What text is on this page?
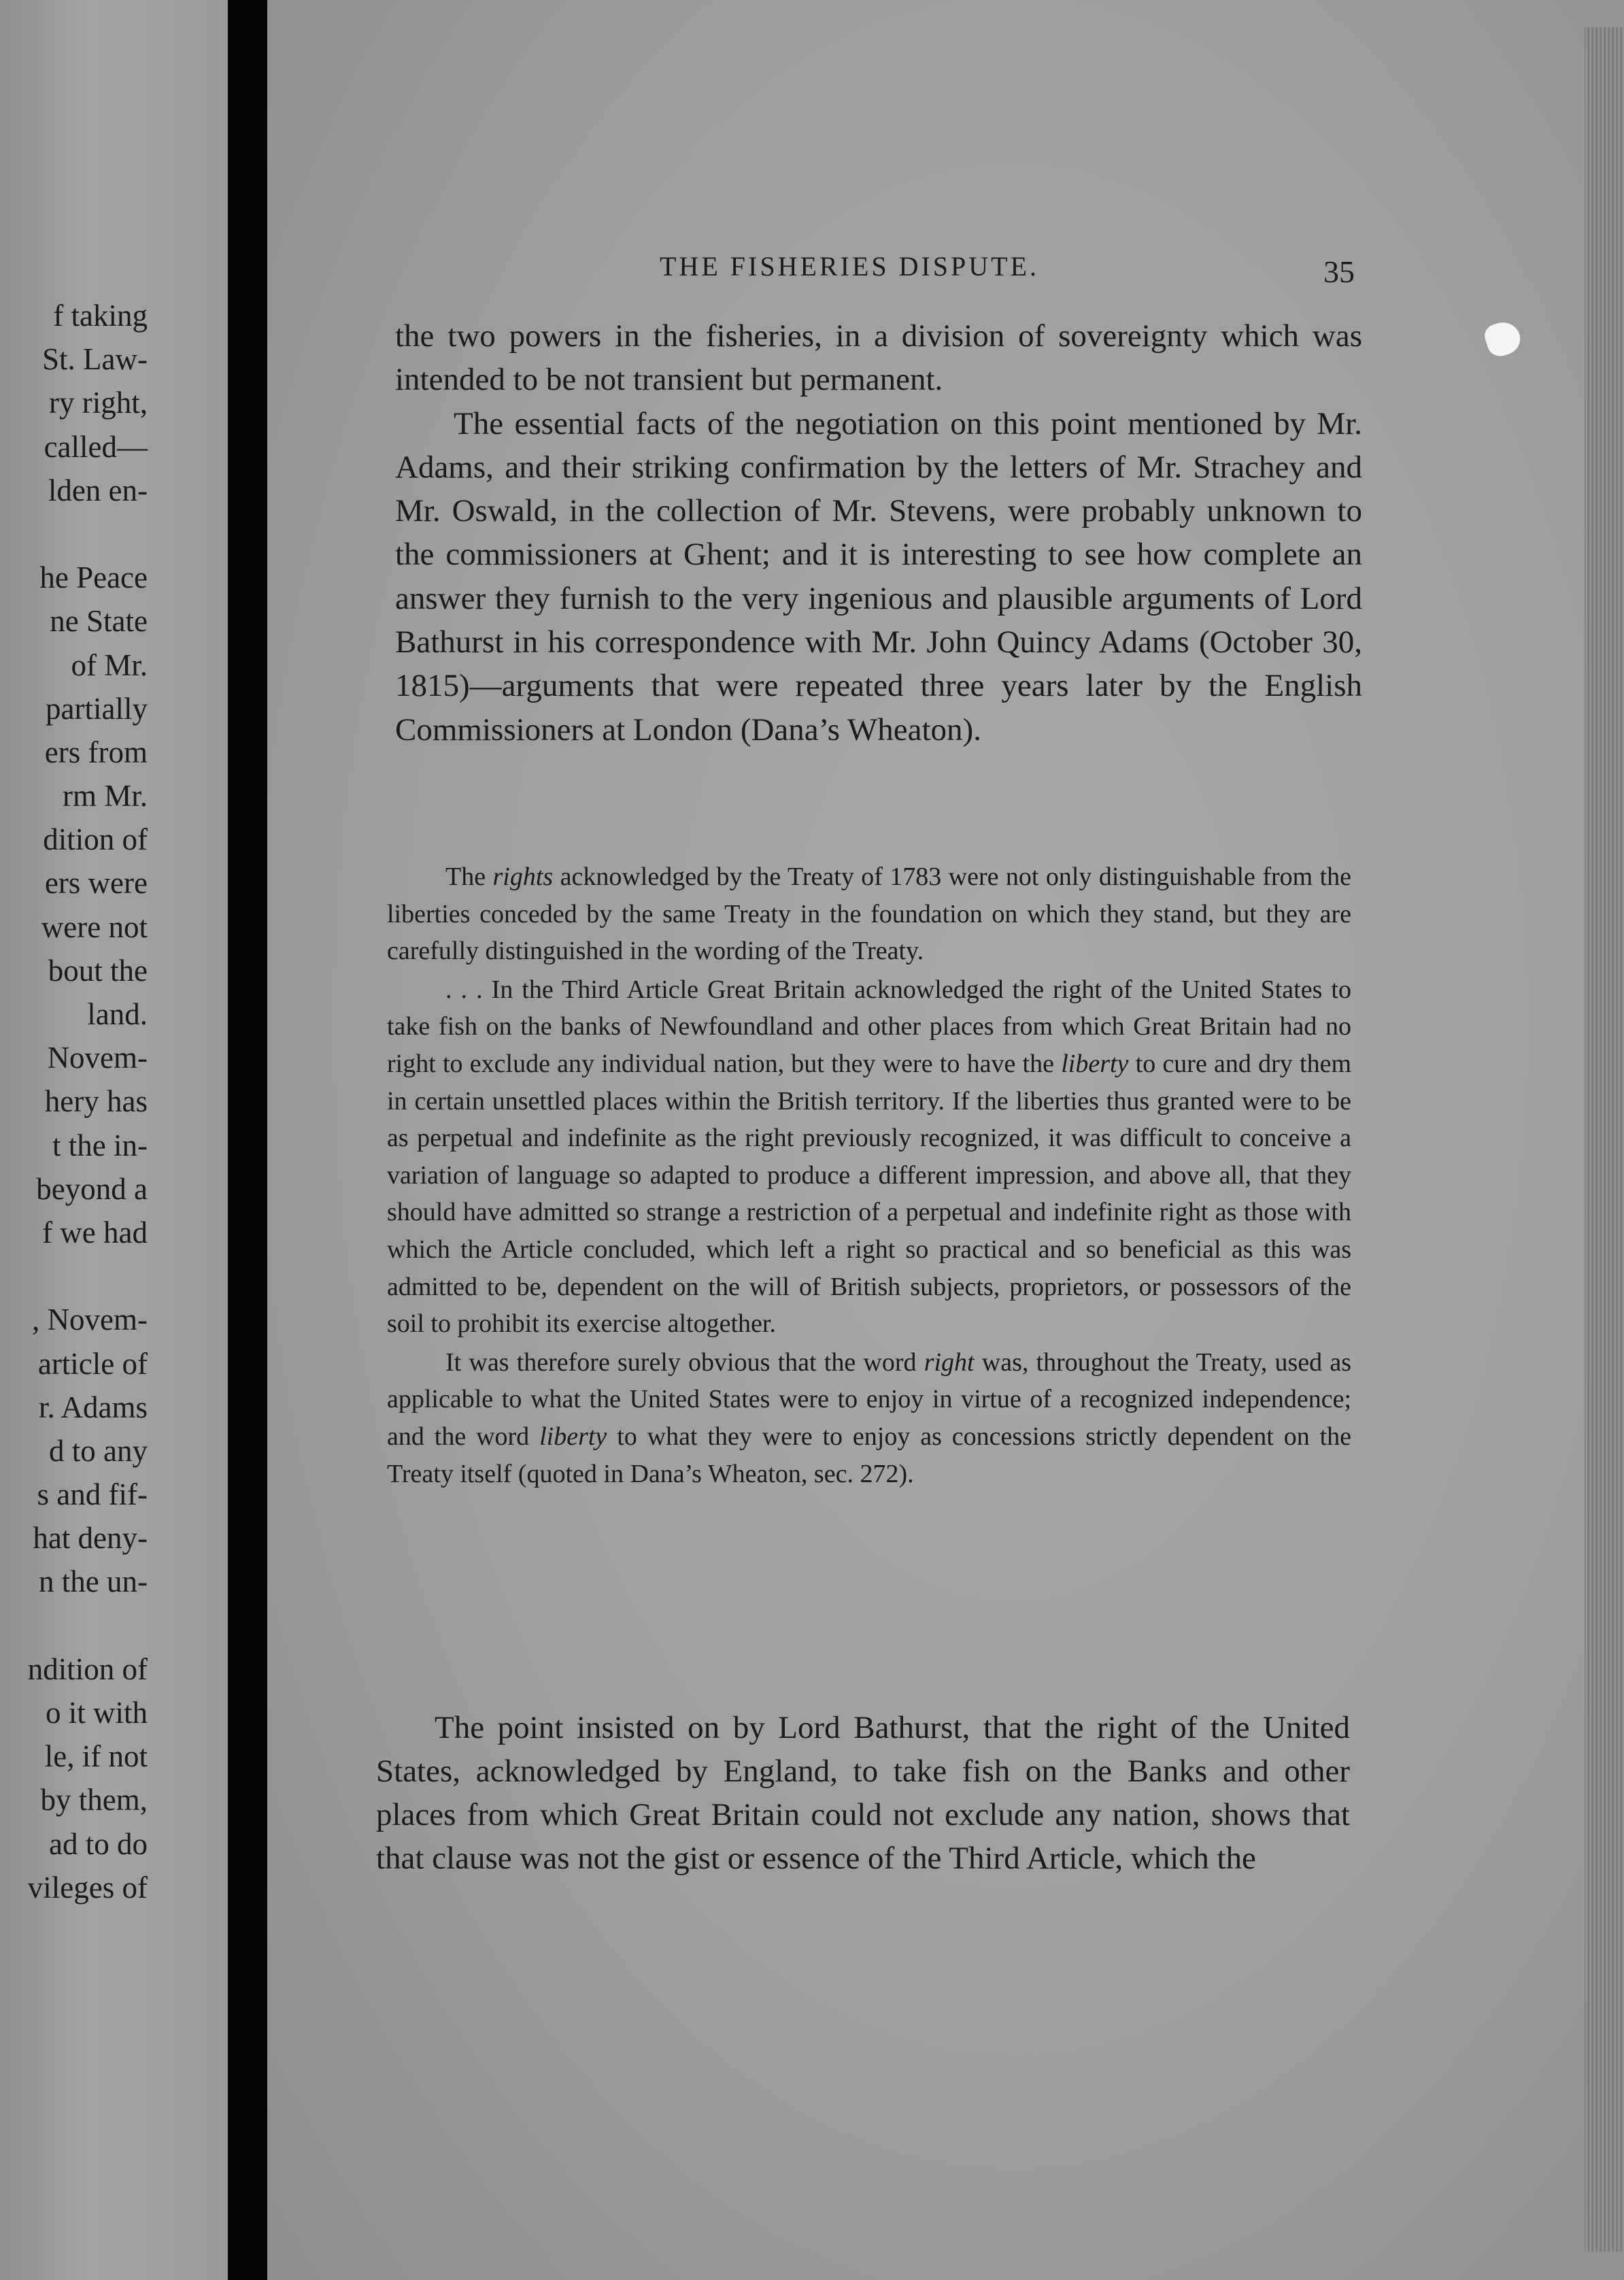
f taking
St. Law-
ry right,
called—
lden en-
he Peace
ne State
of Mr.
partially
ers from
rm Mr.
dition of
ers were
were not
bout the
land.
Novem-
hery has
t the in-
beyond a
f we had
, Novem-
article of
r. Adams
d to any
s and fif-
hat deny-
n the un-
ndition of
o it with
le, if not
by them,
ad to do
vileges of
THE FISHERIES DISPUTE.	35

the two powers in the fisheries, in a division of sovereignty which was intended to be not transient but permanent.

The essential facts of the negotiation on this point mentioned by Mr. Adams, and their striking confirmation by the letters of Mr. Strachey and Mr. Oswald, in the collection of Mr. Stevens, were probably unknown to the commissioners at Ghent; and it is interesting to see how complete an answer they furnish to the very ingenious and plausible arguments of Lord Bathurst in his correspondence with Mr. John Quincy Adams (October 30, 1815)—arguments that were repeated three years later by the English Commissioners at London (Dana’s Wheaton).

The rights acknowledged by the Treaty of 1783 were not only distinguishable from the liberties conceded by the same Treaty in the foundation on which they stand, but they are carefully distinguished in the wording of the Treaty.

. . . In the Third Article Great Britain acknowledged the right of the United States to take fish on the banks of Newfoundland and other places from which Great Britain had no right to exclude any individual nation, but they were to have the liberty to cure and dry them in certain unsettled places within the British territory. If the liberties thus granted were to be as perpetual and indefinite as the right previously recognized, it was difficult to conceive a variation of language so adapted to produce a different impression, and above all, that they should have admitted so strange a restriction of a perpetual and indefinite right as those with which the Article concluded, which left a right so practical and so beneficial as this was admitted to be, dependent on the will of British subjects, proprietors, or possessors of the soil to prohibit its exercise altogether.

It was therefore surely obvious that the word right was, throughout the Treaty, used as applicable to what the United States were to enjoy in virtue of a recognized independence; and the word liberty to what they were to enjoy as concessions strictly dependent on the Treaty itself (quoted in Dana’s Wheaton, sec. 272).

The point insisted on by Lord Bathurst, that the right of the United States, acknowledged by England, to take fish on the Banks and other places from which Great Britain could not exclude any nation, shows that that clause was not the gist or essence of the Third Article, which the
